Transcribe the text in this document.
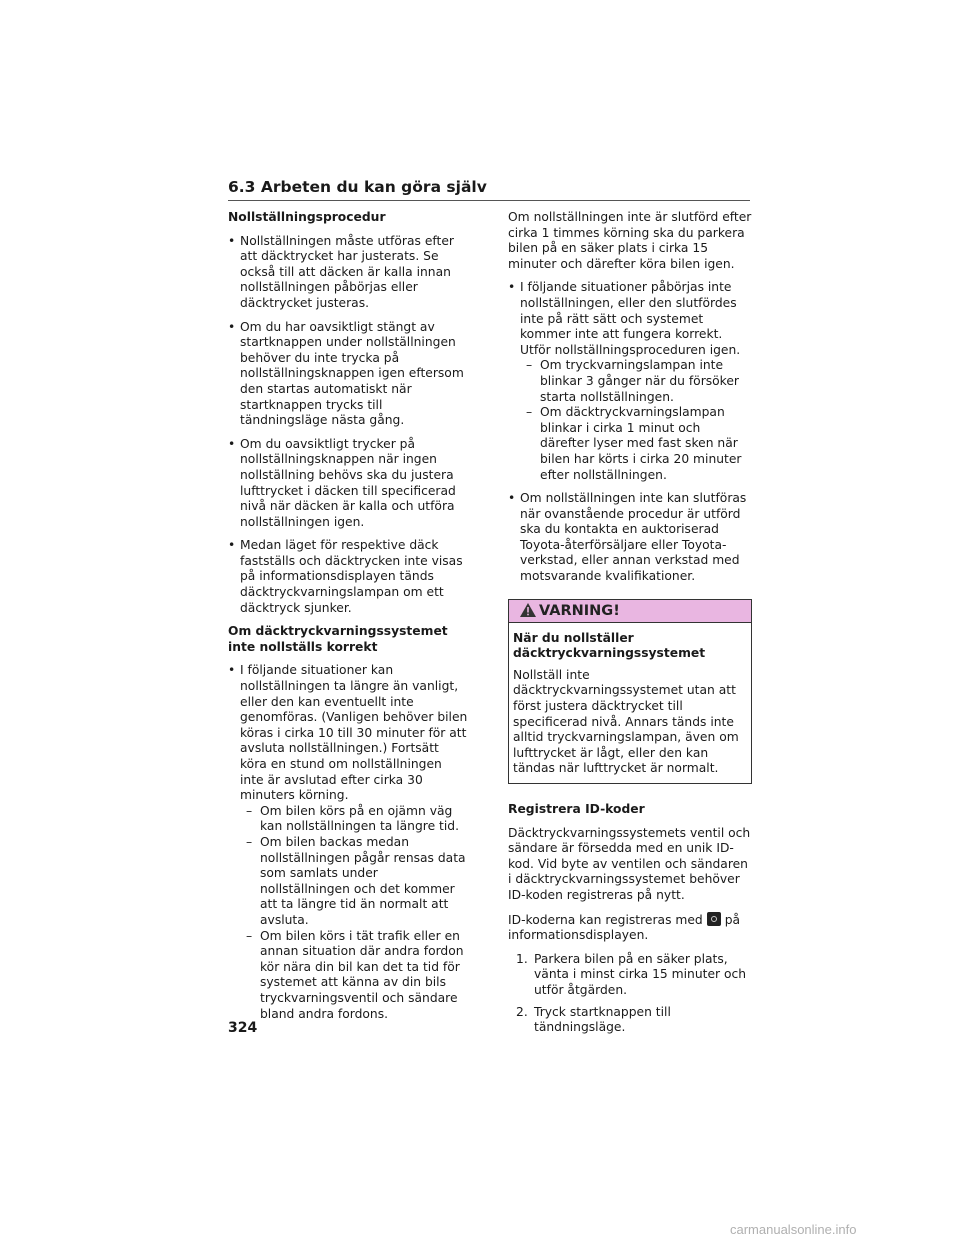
6.3 Arbeten du kan göra själv
Nollställningsprocedur
• Nollställningen måste utföras efter att däcktrycket har justerats. Se också till att däcken är kalla innan nollställningen påbörjas eller däcktrycket justeras.
• Om du har oavsiktligt stängt av startknappen under nollställningen behöver du inte trycka på nollställningsknappen igen eftersom den startas automatiskt när startknappen trycks till tändningsläge nästa gång.
• Om du oavsiktligt trycker på nollställningsknappen när ingen nollställning behövs ska du justera lufttrycket i däcken till specificerad nivå när däcken är kalla och utföra nollställningen igen.
• Medan läget för respektive däck fastställs och däcktrycken inte visas på informationsdisplayen tänds däcktryckvarningslampan om ett däcktryck sjunker.
Om däcktryckvarningssystemet inte nollställs korrekt
• I följande situationer kan nollställningen ta längre än vanligt, eller den kan eventuellt inte genomföras. (Vanligen behöver bilen köras i cirka 10 till 30 minuter för att avsluta nollställningen.) Fortsätt köra en stund om nollställningen inte är avslutad efter cirka 30 minuters körning.
– Om bilen körs på en ojämn väg kan nollställningen ta längre tid.
– Om bilen backas medan nollställningen pågår rensas data som samlats under nollställningen och det kommer att ta längre tid än normalt att avsluta.
– Om bilen körs i tät trafik eller en annan situation där andra fordon kör nära din bil kan det ta tid för systemet att känna av din bils tryckvarningsventil och sändare bland andra fordons.
Om nollställningen inte är slutförd efter cirka 1 timmes körning ska du parkera bilen på en säker plats i cirka 15 minuter och därefter köra bilen igen.
• I följande situationer påbörjas inte nollställningen, eller den slutfördes inte på rätt sätt och systemet kommer inte att fungera korrekt. Utför nollställningsproceduren igen.
– Om tryckvarningslampan inte blinkar 3 gånger när du försöker starta nollställningen.
– Om däcktryckvarningslampan blinkar i cirka 1 minut och därefter lyser med fast sken när bilen har körts i cirka 20 minuter efter nollställningen.
• Om nollställningen inte kan slutföras när ovanstående procedur är utförd ska du kontakta en auktoriserad Toyota-återförsäljare eller Toyota-verkstad, eller annan verkstad med motsvarande kvalifikationer.
VARNING!
När du nollställer däcktryckvarningssystemet
Nollställ inte däcktryckvarningssystemet utan att först justera däcktrycket till specificerad nivå. Annars tänds inte alltid tryckvarningslampan, även om lufttrycket är lågt, eller den kan tändas när lufttrycket är normalt.
Registrera ID-koder
Däcktryckvarningssystemets ventil och sändare är försedda med en unik ID-kod. Vid byte av ventilen och sändaren i däcktryckvarningssystemet behöver ID-koden registreras på nytt.
ID-koderna kan registreras med på informationsdisplayen.
1. Parkera bilen på en säker plats, vänta i minst cirka 15 minuter och utför åtgärden.
2. Tryck startknappen till tändningsläge.
324
carmanualsonline.info
